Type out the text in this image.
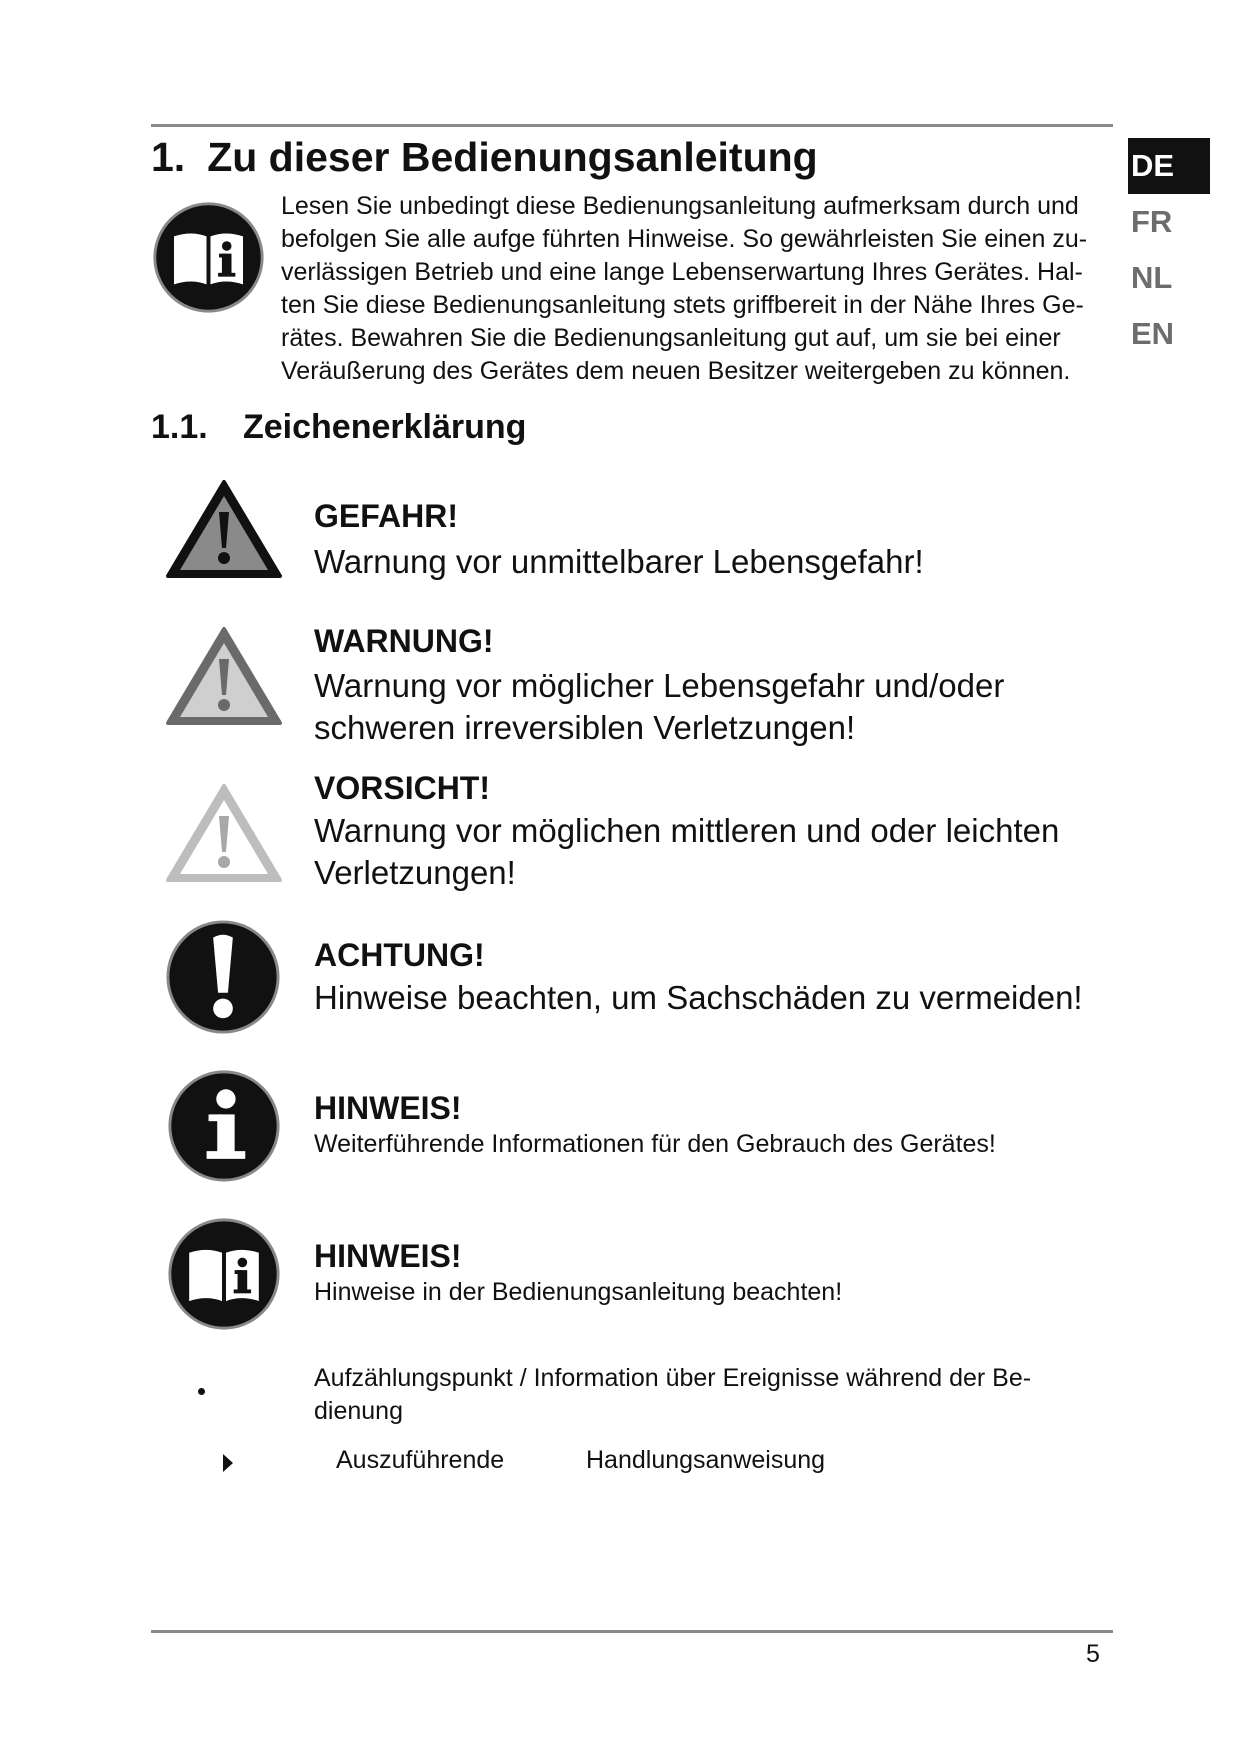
DE
FR
NL
EN
1. Zu dieser Bedienungsanleitung
Lesen Sie unbedingt diese Bedienungsanleitung aufmerksam durch und befolgen Sie alle aufge führten Hinweise. So gewährleisten Sie einen zu-verlässigen Betrieb und eine lange Lebenserwartung Ihres Gerätes. Hal-ten Sie diese Bedienungsanleitung stets griffbereit in der Nähe Ihres Ge-rätes. Bewahren Sie die Bedienungsanleitung gut auf, um sie bei einer Veräußerung des Gerätes dem neuen Besitzer weitergeben zu können.
1.1. Zeichenerklärung
GEFAHR!
Warnung vor unmittelbarer Lebensgefahr!
WARNUNG!
Warnung vor möglicher Lebensgefahr und/oder schweren irreversiblen Verletzungen!
VORSICHT!
Warnung vor möglichen mittleren und oder leichten Verletzungen!
ACHTUNG!
Hinweise beachten, um Sachschäden zu vermeiden!
HINWEIS!
Weiterführende Informationen für den Gebrauch des Gerätes!
HINWEIS!
Hinweise in der Bedienungsanleitung beachten!
Aufzählungspunkt / Information über Ereignisse während der Be-dienung
Auszuführende	Handlungsanweisung
5
